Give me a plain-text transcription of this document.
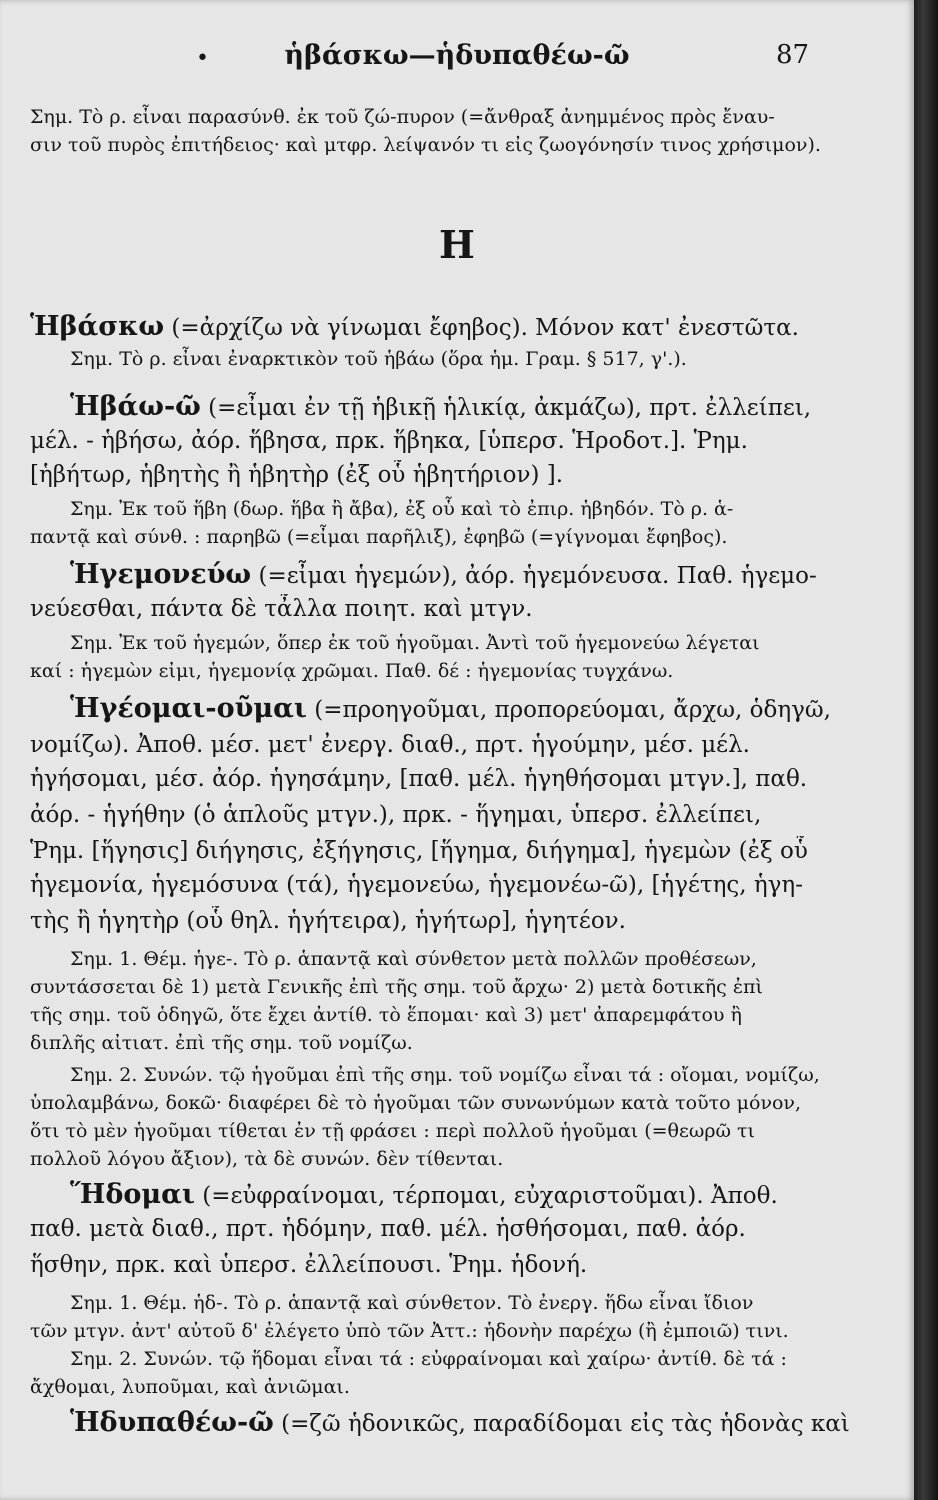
•	ἡβάσκω—ἡδυπαθέω-ῶ	87
Η
Σημ. Τὸ ρ. εἶναι παρασύνθ. ἐκ τοῦ ζώ-πυρον (=ἄνθραξ ἀνημμένος πρὸς ἔναυ-
σιν τοῦ πυρὸς ἐπιτήδειος· καὶ μτφρ. λείψανόν τι εἰς ζωογόνησίν τινος χρήσιμον).
Ἡβάσκω (=ἀρχίζω νὰ γίνωμαι ἔφηβος). Μόνον κατ' ἐνεστῶτα.
Σημ. Τὸ ρ. εἶναι ἐναρκτικὸν τοῦ ἡβάω (ὅρα ἡμ. Γραμ. § 517, γ'.).
Ἡβάω-ῶ (=εἶμαι ἐν τῇ ἡβικῇ ἡλικίᾳ, ἀκμάζω), πρτ. ἐλλείπει,
μέλ. - ἡβήσω, ἀόρ. ἥβησα, πρκ. ἥβηκα, [ὑπερσ. Ἡροδοτ.]. Ῥημ.
[ἡβήτωρ, ἡβητὴς ἢ ἡβητὴρ (ἐξ οὗ ἡβητήριον) ].
Σημ. Ἐκ τοῦ ἥβη (δωρ. ἥβα ἢ ἄβα), ἐξ οὗ καὶ τὸ ἐπιρ. ἡβηδόν. Τὸ ρ. ἁ-
παντᾷ καὶ σύνθ. : παρηβῶ (=εἶμαι παρῆλιξ), ἐφηβῶ (=γίγνομαι ἔφηβος).
Ἡγεμονεύω (=εἶμαι ἡγεμών), ἀόρ. ἡγεμόνευσα. Παθ. ἡγεμο-
νεύεσθαι, πάντα δὲ τἆλλα ποιητ. καὶ μτγν.
Σημ. Ἐκ τοῦ ἡγεμών, ὅπερ ἐκ τοῦ ἡγοῦμαι. Ἀντὶ τοῦ ἡγεμονεύω λέγεται
καί : ἡγεμὼν εἰμι, ἡγεμονίᾳ χρῶμαι. Παθ. δέ : ἡγεμονίας τυγχάνω.
Ἡγέομαι-οῦμαι (=προηγοῦμαι, προπορεύομαι, ἄρχω, ὁδηγῶ,
νομίζω). Ἀποθ. μέσ. μετ' ἐνεργ. διαθ., πρτ. ἡγούμην, μέσ. μέλ.
ἡγήσομαι, μέσ. ἀόρ. ἡγησάμην, [παθ. μέλ. ἡγηθήσομαι μτγν.], παθ.
ἀόρ. - ἡγήθην (ὁ ἁπλοῦς μτγν.), πρκ. - ἥγημαι, ὑπερσ. ἐλλείπει,
Ῥημ. [ἥγησις] διήγησις, ἐξήγησις, [ἥγημα, διήγημα], ἡγεμὼν (ἐξ οὗ
ἡγεμονία, ἡγεμόσυνα (τά), ἡγεμονεύω, ἡγεμονέω-ῶ), [ἡγέτης, ἡγη-
τὴς ἢ ἡγητὴρ (οὗ θηλ. ἡγήτειρα), ἡγήτωρ], ἡγητέον.
Σημ. 1. Θέμ. ἡγε-. Τὸ ρ. ἁπαντᾷ καὶ σύνθετον μετὰ πολλῶν προθέσεων,
συντάσσεται δὲ 1) μετὰ Γενικῆς ἐπὶ τῆς σημ. τοῦ ἄρχω· 2) μετὰ δοτικῆς ἐπὶ
τῆς σημ. τοῦ ὁδηγῶ, ὅτε ἔχει ἀντίθ. τὸ ἕπομαι· καὶ 3) μετ' ἀπαρεμφάτου ἢ
διπλῆς αἰτιατ. ἐπὶ τῆς σημ. τοῦ νομίζω.
Σημ. 2. Συνών. τῷ ἡγοῦμαι ἐπὶ τῆς σημ. τοῦ νομίζω εἶναι τά : οἴομαι, νομίζω,
ὑπολαμβάνω, δοκῶ· διαφέρει δὲ τὸ ἡγοῦμαι τῶν συνωνύμων κατὰ τοῦτο μόνον,
ὅτι τὸ μὲν ἡγοῦμαι τίθεται ἐν τῇ φράσει : περὶ πολλοῦ ἡγοῦμαι (=θεωρῶ τι
πολλοῦ λόγου ἄξιον), τὰ δὲ συνών. δὲν τίθενται.
Ἥδομαι (=εὐφραίνομαι, τέρπομαι, εὐχαριστοῦμαι). Ἀποθ.
παθ. μετὰ διαθ., πρτ. ἡδόμην, παθ. μέλ. ἡσθήσομαι, παθ. ἀόρ.
ἥσθην, πρκ. καὶ ὑπερσ. ἐλλείπουσι. Ῥημ. ἡδονή.
Σημ. 1. Θέμ. ἡδ-. Τὸ ρ. ἁπαντᾷ καὶ σύνθετον. Τὸ ἐνεργ. ἥδω εἶναι ἴδιον
τῶν μτγν. ἀντ' αὐτοῦ δ' ἐλέγετο ὑπὸ τῶν Ἀττ.: ἡδονὴν παρέχω (ἢ ἐμποιῶ) τινι.
Σημ. 2. Συνών. τῷ ἥδομαι εἶναι τά : εὐφραίνομαι καὶ χαίρω· ἀντίθ. δὲ τά :
ἄχθομαι, λυποῦμαι, καὶ ἀνιῶμαι.
Ἡδυπαθέω-ῶ (=ζῶ ἡδονικῶς, παραδίδομαι εἰς τὰς ἡδονὰς καὶ
